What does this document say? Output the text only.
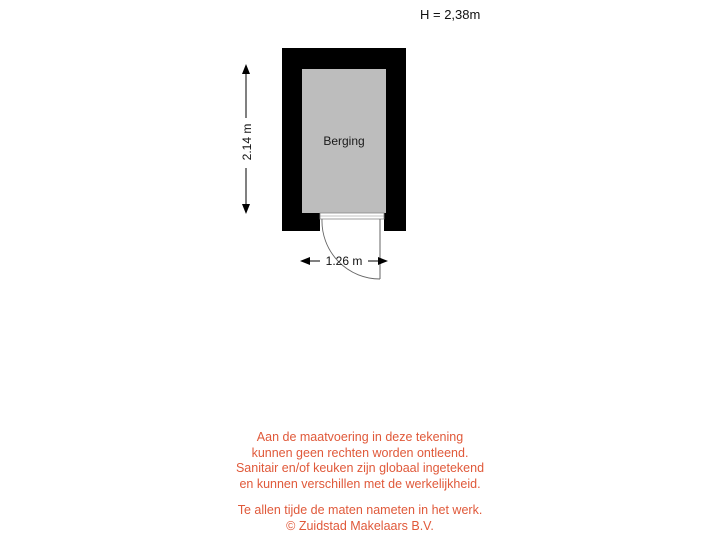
H = 2,38m
Berging
2.14 m
1.26 m
Aan de maatvoering in deze tekening
kunnen geen rechten worden ontleend.
Sanitair en/of keuken zijn globaal ingetekend
en kunnen verschillen met de werkelijkheid.
Te allen tijde de maten nameten in het werk.
© Zuidstad Makelaars B.V.
